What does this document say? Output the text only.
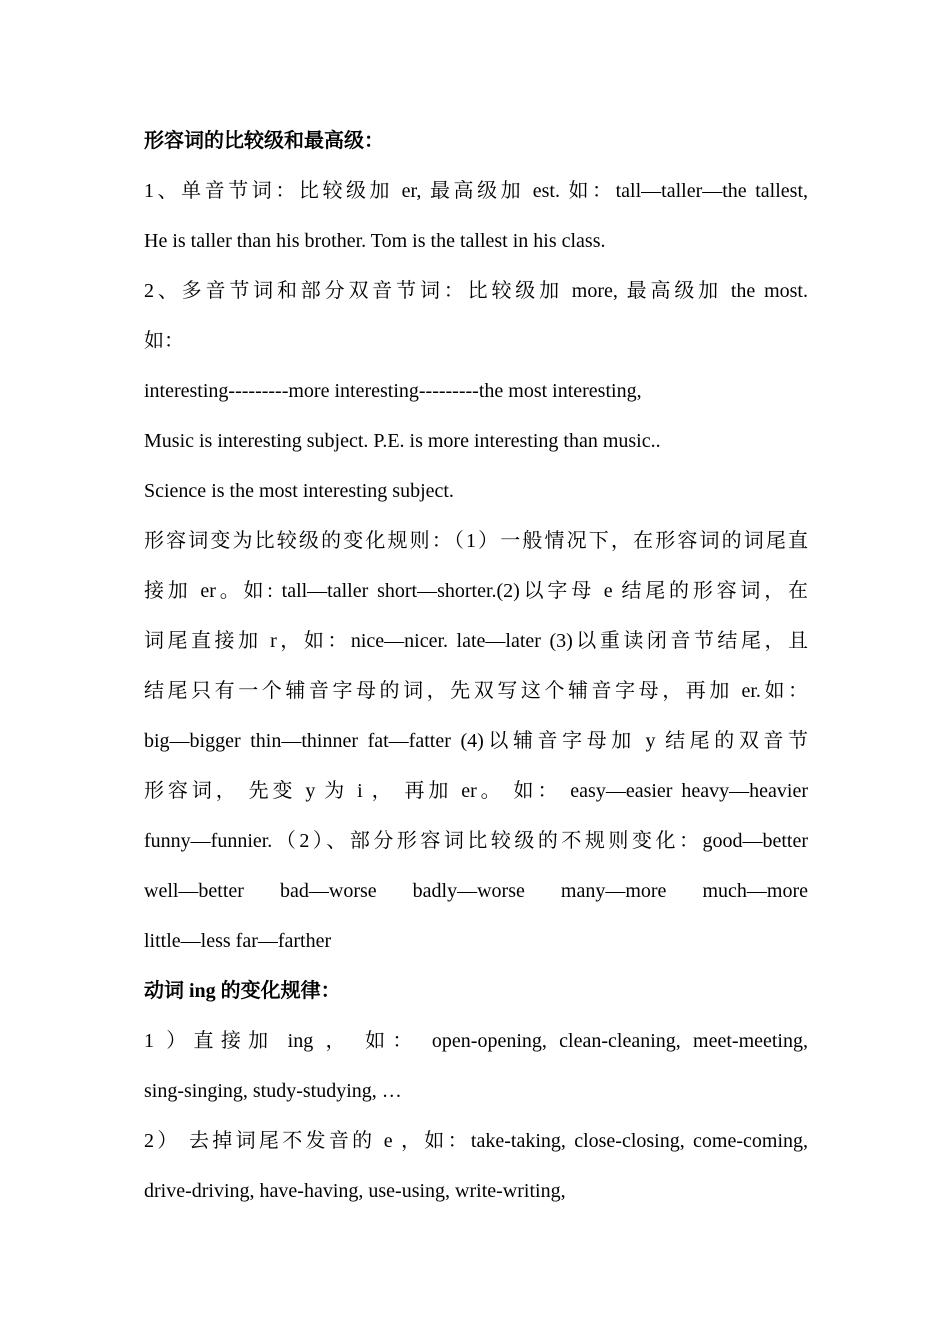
形容词的比较级和最高级：
1、单音节词：比较级加 er, 最高级加 est. 如：tall—taller—the tallest,
He is taller than his brother. Tom is the tallest in his class.
2、多音节词和部分双音节词：比较级加 more, 最高级加 the most.
如：
interesting---------more interesting---------the most interesting,
Music is interesting subject. P.E. is more interesting than music..
Science is the most interesting subject.
形容词变为比较级的变化规则：（1）一般情况下，在形容词的词尾直
接加 er。如: tall—taller short—shorter.(2)以字母 e 结尾的形容词，在
词尾直接加 r，如：nice—nicer. late—later (3)以重读闭音节结尾，且
结尾只有一个辅音字母的词，先双写这个辅音字母，再加 er.如：
big—bigger thin—thinner fat—fatter (4)以辅音字母加 y 结尾的双音节
形容词， 先变 y 为 i ， 再加 er。 如： easy—easier heavy—heavier
funny—funnier.（2）、部分形容词比较级的不规则变化：good—better
well—better bad—worse badly—worse many—more much—more
little—less far—farther
动词 ing 的变化规律：
1 ）直接加 ing ， 如： open-opening, clean-cleaning, meet-meeting,
sing-singing, study-studying, …
2） 去掉词尾不发音的 e ，如：take-taking, close-closing, come-coming,
drive-driving, have-having, use-using, write-writing,
